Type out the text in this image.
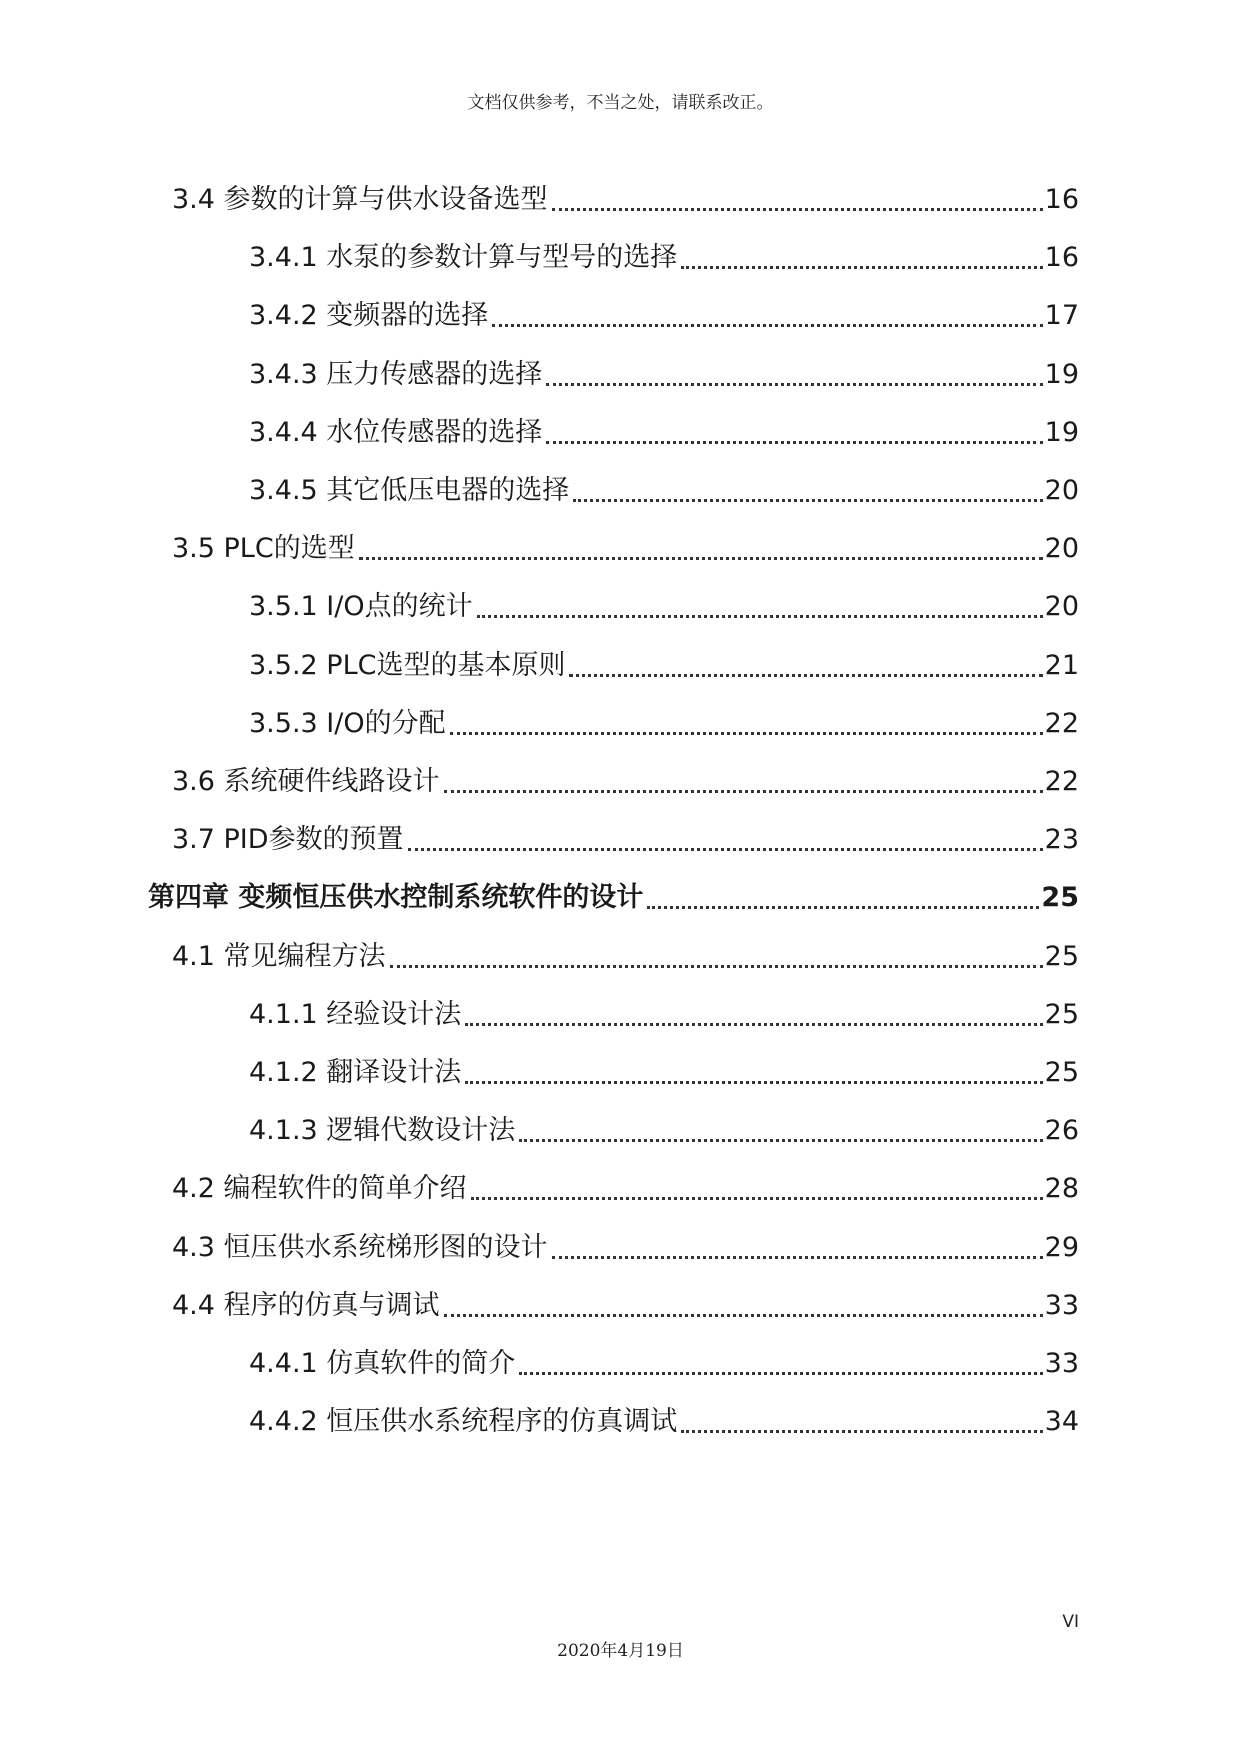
文档仅供参考，不当之处，请联系改正。
3.4 参数的计算与供水设备选型	16
3.4.1 水泵的参数计算与型号的选择	16
3.4.2 变频器的选择	17
3.4.3 压力传感器的选择	19
3.4.4 水位传感器的选择	19
3.4.5 其它低压电器的选择	20
3.5 PLC的选型	20
3.5.1 I/O点的统计	20
3.5.2 PLC选型的基本原则	21
3.5.3 I/O的分配	22
3.6 系统硬件线路设计	22
3.7 PID参数的预置	23
第四章 变频恒压供水控制系统软件的设计	25
4.1 常见编程方法	25
4.1.1 经验设计法	25
4.1.2 翻译设计法	25
4.1.3 逻辑代数设计法	26
4.2 编程软件的简单介绍	28
4.3 恒压供水系统梯形图的设计	29
4.4 程序的仿真与调试	33
4.4.1 仿真软件的简介	33
4.4.2 恒压供水系统程序的仿真调试	34
VI
2020年4月19日
